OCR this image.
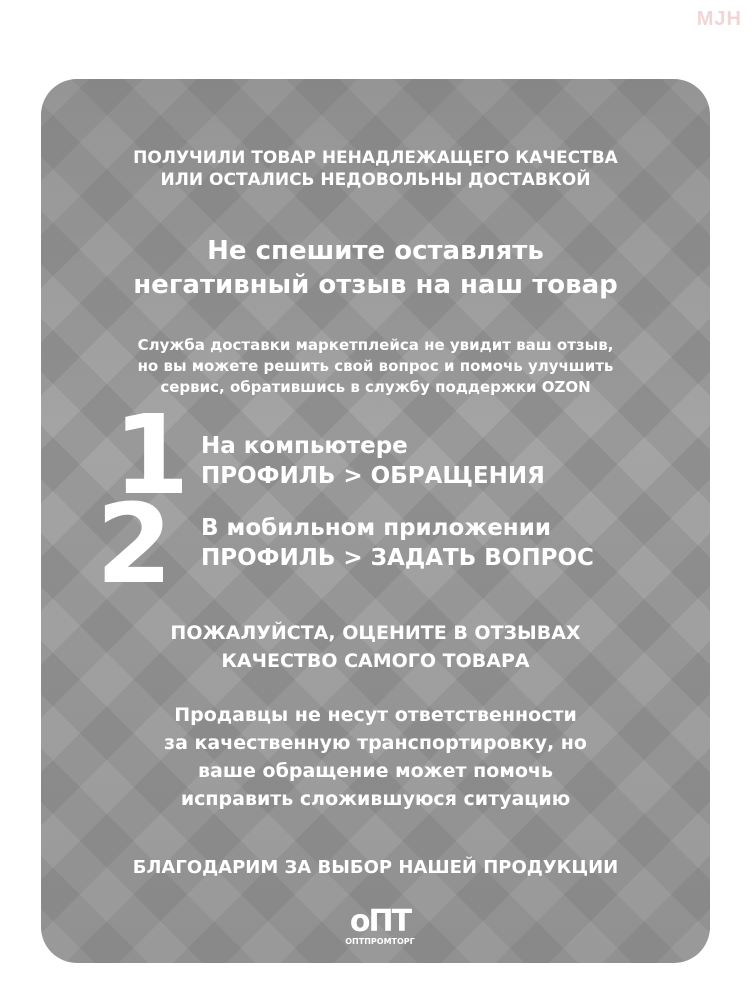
MJH
ПОЛУЧИЛИ ТОВАР НЕНАДЛЕЖАЩЕГО КАЧЕСТВА
ИЛИ ОСТАЛИСЬ НЕДОВОЛЬНЫ ДОСТАВКОЙ
Не спешите оставлять
негативный отзыв на наш товар
Служба доставки маркетплейса не увидит ваш отзыв,
но вы можете решить свой вопрос и помочь улучшить
сервис, обратившись в службу поддержки OZON
1 На компьютере
ПРОФИЛЬ > ОБРАЩЕНИЯ
2 В мобильном приложении
ПРОФИЛЬ > ЗАДАТЬ ВОПРОС
ПОЖАЛУЙСТА, ОЦЕНИТЕ В ОТЗЫВАХ
КАЧЕСТВО САМОГО ТОВАРА
Продавцы не несут ответственности
за качественную транспортировку, но
ваше обращение может помочь
исправить сложившуюся ситуацию
БЛАГОДАРИМ ЗА ВЫБОР НАШЕЙ ПРОДУКЦИИ
оПТ
ОПТПРОМТОРГ
